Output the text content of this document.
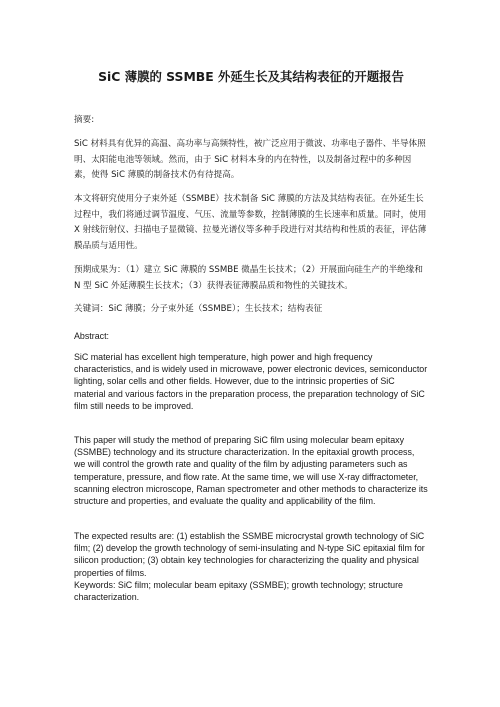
SiC 薄膜的 SSMBE 外延生长及其结构表征的开题报告

摘要:

SiC 材料具有优异的高温、高功率与高频特性，被广泛应用于微波、功率电子器件、半导体照明、太阳能电池等领域。然而，由于 SiC 材料本身的内在特性，以及制备过程中的多种因素，使得 SiC 薄膜的制备技术仍有待提高。

本文将研究使用分子束外延（SSMBE）技术制备 SiC 薄膜的方法及其结构表征。在外延生长过程中，我们将通过调节温度、气压、流量等参数，控制薄膜的生长速率和质量。同时，使用 X 射线衍射仪、扫描电子显微镜、拉曼光谱仪等多种手段进行对其结构和性质的表征，评估薄膜品质与适用性。

预期成果为：（1）建立 SiC 薄膜的 SSMBE 微晶生长技术；（2）开展面向硅生产的半绝缘和 N 型 SiC 外延薄膜生长技术；（3）获得表征薄膜品质和物性的关键技术。

关键词：SiC 薄膜；分子束外延（SSMBE）；生长技术；结构表征

Abstract:

SiC material has excellent high temperature, high power and high frequency characteristics, and is widely used in microwave, power electronic devices, semiconductor lighting, solar cells and other fields. However, due to the intrinsic properties of SiC material and various factors in the preparation process, the preparation technology of SiC film still needs to be improved.

This paper will study the method of preparing SiC film using molecular beam epitaxy (SSMBE) technology and its structure characterization. In the epitaxial growth process, we will control the growth rate and quality of the film by adjusting parameters such as temperature, pressure, and flow rate. At the same time, we will use X-ray diffractometer, scanning electron microscope, Raman spectrometer and other methods to characterize its structure and properties, and evaluate the quality and applicability of the film.

The expected results are: (1) establish the SSMBE microcrystal growth technology of SiC film; (2) develop the growth technology of semi-insulating and N-type SiC epitaxial film for silicon production; (3) obtain key technologies for characterizing the quality and physical properties of films.

Keywords: SiC film; molecular beam epitaxy (SSMBE); growth technology; structure characterization.
